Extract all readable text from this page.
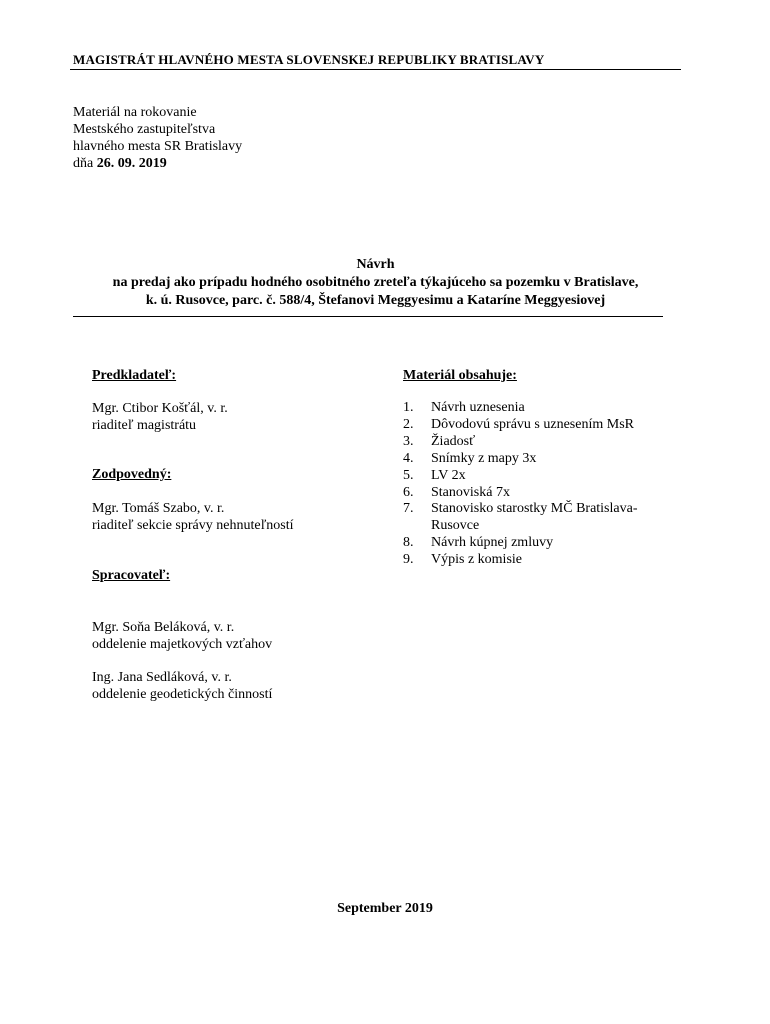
MAGISTRÁT HLAVNÉHO MESTA SLOVENSKEJ REPUBLIKY BRATISLAVY
Materiál na rokovanie
Mestského zastupiteľstva
hlavného mesta SR Bratislavy
dňa 26. 09. 2019
Návrh
na predaj ako prípadu hodného osobitného zreteľa týkajúceho sa pozemku v Bratislave,
k. ú. Rusovce, parc. č. 588/4, Štefanovi Meggyesimu a Kataríne Meggyesiovej
Predkladateľ:
Mgr. Ctibor Košťál, v. r.
riaditeľ magistrátu
Zodpovedný:
Mgr. Tomáš Szabo, v. r.
riaditeľ sekcie správy nehnuteľností
Spracovateľ:
Mgr. Soňa Beláková, v. r.
oddelenie majetkových vzťahov
Ing. Jana Sedláková, v. r.
oddelenie geodetických činností
Materiál obsahuje:
1.	Návrh uznesenia
2.	Dôvodovú správu s uznesením MsR
3.	Žiadosť
4.	Snímky z mapy 3x
5.	LV 2x
6.	Stanoviská 7x
7.	Stanovisko starostky MČ Bratislava-
Rusovce
8.	Návrh kúpnej zmluvy
9.	Výpis z komisie
September 2019
